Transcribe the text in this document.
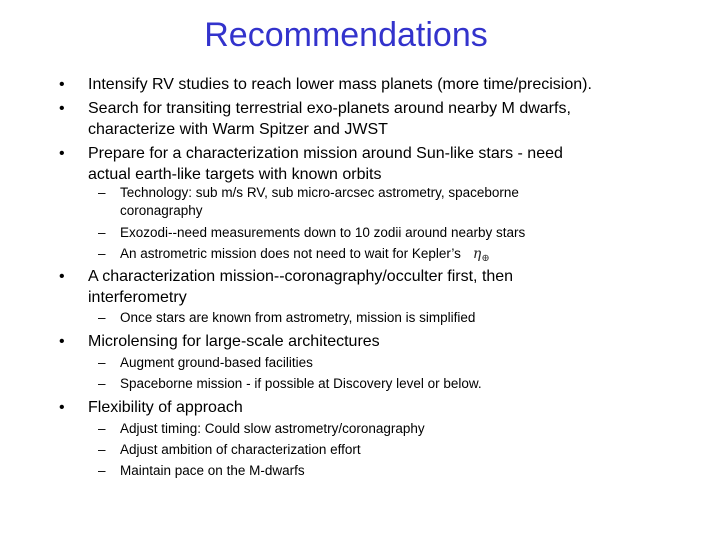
Recommendations
• Intensify RV studies to reach lower mass planets (more time/precision).
• Search for transiting terrestrial exo-planets around nearby M dwarfs,
characterize with Warm Spitzer and JWST
• Prepare for a characterization mission around Sun-like stars - need
actual earth-like targets with known orbits
– Technology: sub m/s RV, sub micro-arcsec astrometry, spaceborne
coronagraphy
– Exozodi--need measurements down to 10 zodii around nearby stars
– An astrometric mission does not need to wait for Kepler’s $\eta_\oplus$
• A characterization mission--coronagraphy/occulter first, then
interferometry
– Once stars are known from astrometry, mission is simplified
• Microlensing for large-scale architectures
– Augment ground-based facilities
– Spaceborne mission - if possible at Discovery level or below.
• Flexibility of approach
– Adjust timing: Could slow astrometry/coronagraphy
– Adjust ambition of characterization effort
– Maintain pace on the M-dwarfs
